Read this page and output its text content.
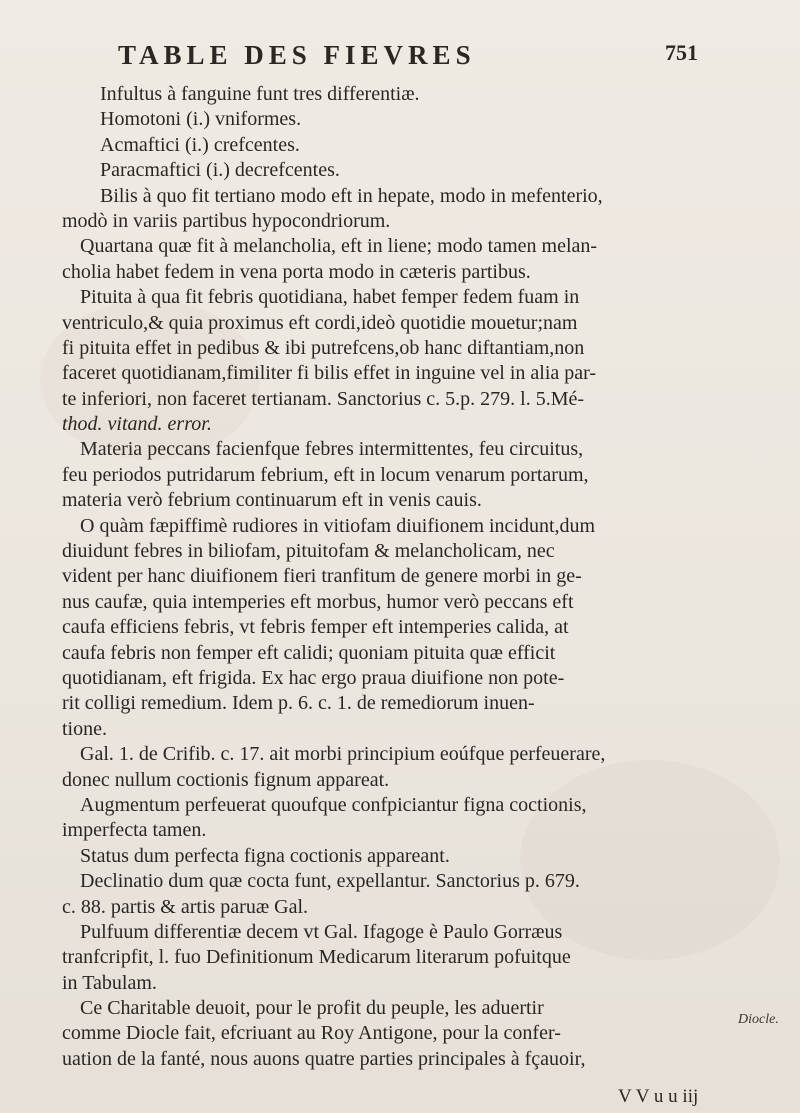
TABLE DES FIEVRES	751
Infultus à fanguine funt tres differentiæ.
Homotoni (i.) vniformes.
Acmaftici (i.) crefcentes.
Paracmaftici (i.) decrefcentes.
Bilis à quo fit tertiano modo eft in hepate, modo in mefenterio,
modò in variis partibus hypocondriorum.
Quartana quæ fit à melancholia, eft in liene; modo tamen melan-
cholia habet fedem in vena porta modo in cæteris partibus.
Pituita à qua fit febris quotidiana, habet femper fedem fuam in
ventriculo,& quia proximus eft cordi,ideò quotidie mouetur;nam
fi pituita effet in pedibus & ibi putrefcens,ob hanc diftantiam,non
faceret quotidianam,fimiliter fi bilis effet in inguine vel in alia par-
te inferiori, non faceret tertianam. Sanctorius c. 5.p. 279. l. 5.Mé-
thod. vitand. error.
Materia peccans facienfque febres intermittentes, feu circuitus,
feu periodos putridarum febrium, eft in locum venarum portarum,
materia verò febrium continuarum eft in venis cauis.
O quàm fæpiffimè rudiores in vitiofam diuifionem incidunt,dum
diuidunt febres in biliofam, pituitofam & melancholicam, nec
vident per hanc diuifionem fieri tranfitum de genere morbi in ge-
nus caufæ, quia intemperies eft morbus, humor verò peccans eft
caufa efficiens febris, vt febris femper eft intemperies calida, at
caufa febris non femper eft calidi; quoniam pituita quæ efficit
quotidianam, eft frigida. Ex hac ergo praua diuifione non pote-
rit colligi remedium. Idem p. 6. c. 1. de remediorum inuen-
tione.
Gal. 1. de Crifib. c. 17. ait morbi principium eoúfque perfeuerare,
donec nullum coctionis fignum appareat.
Augmentum perfeuerat quoufque confpiciantur figna coctionis,
imperfecta tamen.
Status dum perfecta figna coctionis appareant.
Declinatio dum quæ cocta funt, expellantur. Sanctorius p. 679.
c. 88. partis & artis paruæ Gal.
Pulfuum differentiæ decem vt Gal. Ifagoge è Paulo Gorræus
tranfcripfit, l. fuo Definitionum Medicarum literarum pofuitque
in Tabulam.
Ce Charitable deuoit, pour le profit du peuple, les aduertir
comme Diocle fait, efcriuant au Roy Antigone, pour la confer-
uation de la fanté, nous auons quatre parties principales à fçauoir,
Diocle.
V V u u iij
